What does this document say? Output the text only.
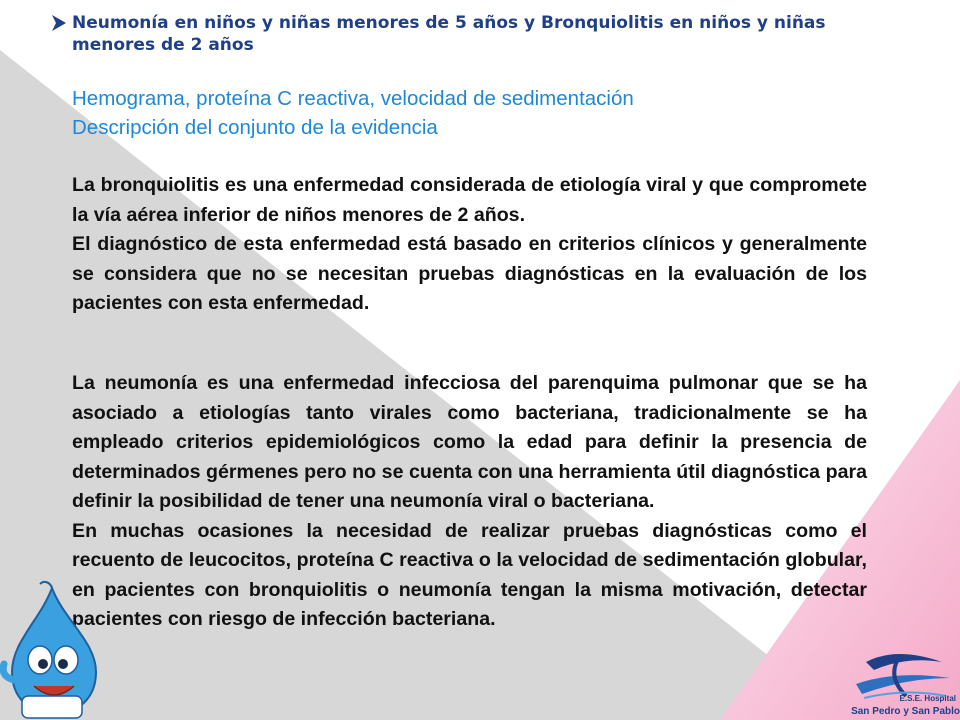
Neumonía en niños y niñas menores de 5 años y Bronquiolitis en niños y niñas menores de 2 años
Hemograma, proteína C reactiva, velocidad de sedimentación
Descripción del conjunto de la evidencia

La bronquiolitis es una enfermedad considerada de etiología viral y que compromete la vía aérea inferior de niños menores de 2 años.

El diagnóstico de esta enfermedad está basado en criterios clínicos y generalmente se considera que no se necesitan pruebas diagnósticas en la evaluación de los pacientes con esta enfermedad.

La neumonía es una enfermedad infecciosa del parenquima pulmonar que se ha asociado a etiologías tanto virales como bacteriana, tradicionalmente se ha empleado criterios epidemiológicos como la edad para definir la presencia de determinados gérmenes pero no se cuenta con una herramienta útil diagnóstica para definir la posibilidad de tener una neumonía viral o bacteriana.

En muchas ocasiones la necesidad de realizar pruebas diagnósticas como el recuento de leucocitos, proteína C reactiva o la velocidad de sedimentación globular, en pacientes con bronquiolitis o neumonía tengan la misma motivación, detectar pacientes con riesgo de infección bacteriana.

E.S.E. Hospital
San Pedro y San Pablo
